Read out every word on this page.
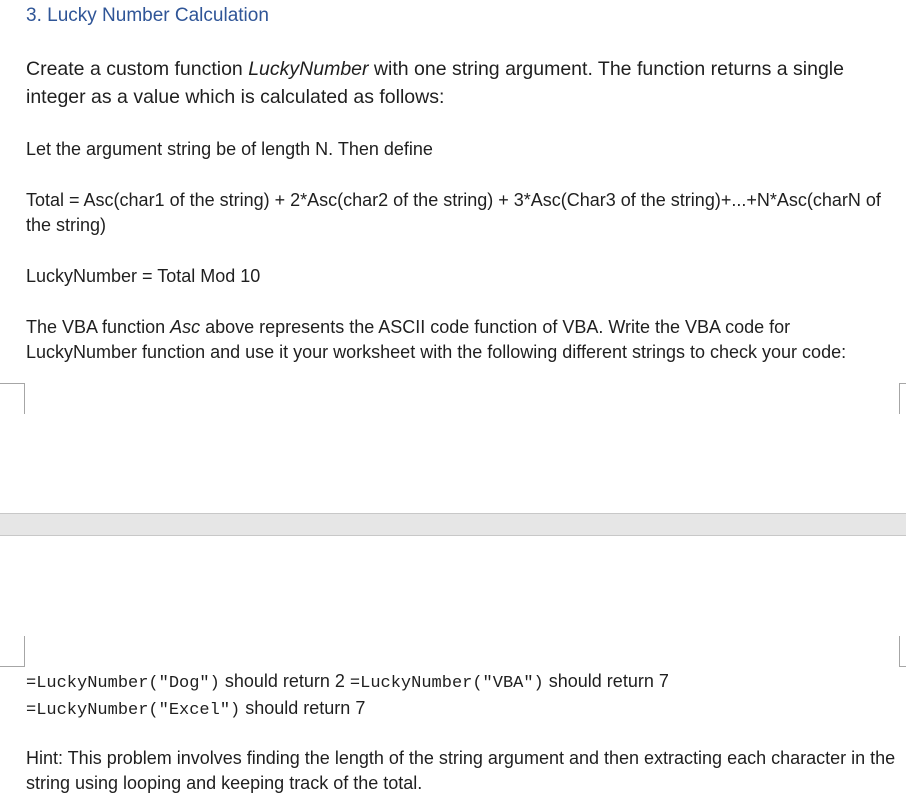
3. Lucky Number Calculation
Create a custom function LuckyNumber with one string argument. The function returns a single integer as a value which is calculated as follows:
Let the argument string be of length N. Then define
Total = Asc(char1 of the string) + 2*Asc(char2 of the string) + 3*Asc(Char3 of the string)+...+N*Asc(charN of the string)
LuckyNumber = Total Mod 10
The VBA function Asc above represents the ASCII code function of VBA. Write the VBA code for LuckyNumber function and use it your worksheet with the following different strings to check your code:
=LuckyNumber("Dog") should return 2 =LuckyNumber("VBA") should return 7
=LuckyNumber("Excel") should return 7
Hint: This problem involves finding the length of the string argument and then extracting each character in the string using looping and keeping track of the total.
